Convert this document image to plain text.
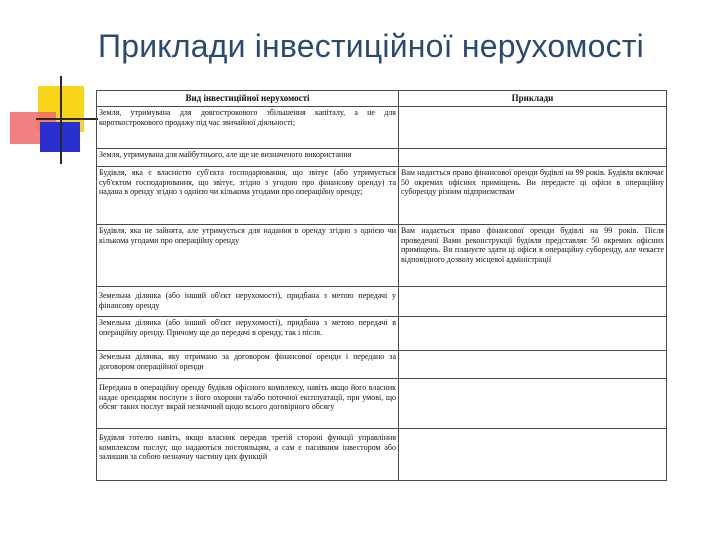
Приклади інвестиційної нерухомості
Вид інвестиційної нерухомості	Приклади
Земля, утримувана для довгострокового збільшення капіталу, а не для короткострокового продажу під час звичайної діяльності;	
Земля, утримувана для майбутнього, але ще не визначеного використання	
Будівля, яка є власністю суб'єкта господарювання, що звітує (або утримується суб'єктом господарювання, що звітує, згідно з угодою про фінансову оренду) та надана в оренду згідно з однією чи кількома угодами про операційну оренду;	Вам надається право фінансової оренди будівлі на 99 років. Будівля включає 50 окремих офісних приміщень. Ви передаєте ці офіси в операційну суборенду різним підприємствам
Будівля, яка не зайнята, але утримується для надання в оренду згідно з однією чи кількома угодами про операційну оренду	Вам надається право фінансової оренди будівлі на 99 років. Після проведеної Вами реконструкції будівля представляє 50 окремих офісних приміщень. Ви плануєте здати ці офіси в операційну суборенду, але чекаєте відповідного дозволу місцевої адміністрації
Земельна ділянка (або інший об'єкт нерухомості), придбана з метою передачі у фінансову оренду	
Земельна ділянка (або інший об'єкт нерухомості), придбана з метою передачі в операційну оренду. Причому ще до передачі в оренду, так і після.	
Земельна ділянка, яку отримано за договором фінансової оренди і передано за договором операційної оренди	
Передана в операційну оренду будівля офісного комплексу, навіть якщо його власник надає орендарям послуги з його охорони та/або поточної експлуатації, при умові, що обсяг таких послуг вкрай незначний щодо всього договірного обсягу	
Будівля готелю навіть, якщо власник передав третій стороні функції управління комплексом послуг, що надаються постояльцям, а сам є пасивним інвестором або залишив за собою незначну частину цих функцій	
